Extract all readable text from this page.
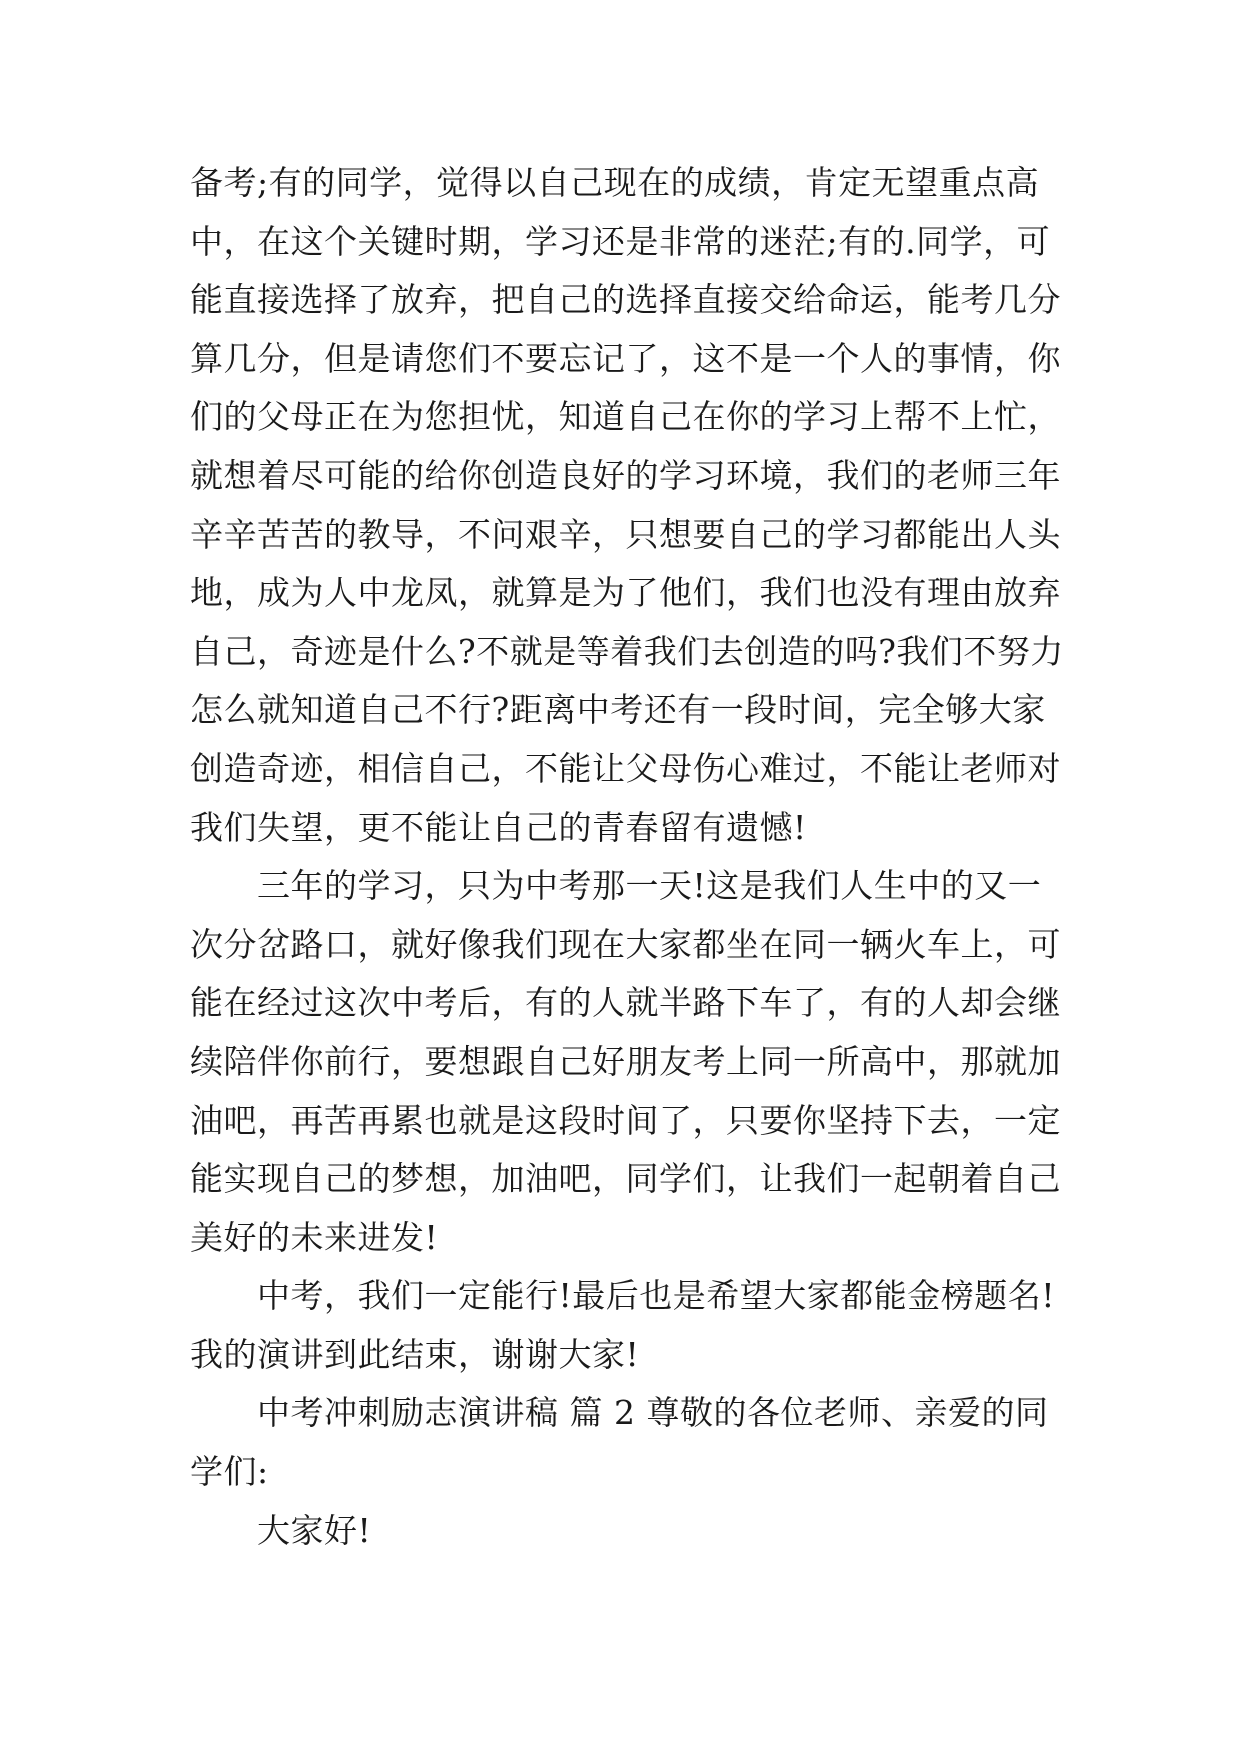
备考;有的同学，觉得以自己现在的成绩，肯定无望重点高
中，在这个关键时期，学习还是非常的迷茫;有的.同学，可
能直接选择了放弃，把自己的选择直接交给命运，能考几分
算几分，但是请您们不要忘记了，这不是一个人的事情，你
们的父母正在为您担忧，知道自己在你的学习上帮不上忙，
就想着尽可能的给你创造良好的学习环境，我们的老师三年
辛辛苦苦的教导，不问艰辛，只想要自己的学习都能出人头
地，成为人中龙凤，就算是为了他们，我们也没有理由放弃
自己，奇迹是什么?不就是等着我们去创造的吗?我们不努力
怎么就知道自己不行?距离中考还有一段时间，完全够大家
创造奇迹，相信自己，不能让父母伤心难过，不能让老师对
我们失望，更不能让自己的青春留有遗憾!
三年的学习，只为中考那一天!这是我们人生中的又一
次分岔路口，就好像我们现在大家都坐在同一辆火车上，可
能在经过这次中考后，有的人就半路下车了，有的人却会继
续陪伴你前行，要想跟自己好朋友考上同一所高中，那就加
油吧，再苦再累也就是这段时间了，只要你坚持下去，一定
能实现自己的梦想，加油吧，同学们，让我们一起朝着自己
美好的未来进发!
中考，我们一定能行!最后也是希望大家都能金榜题名!
我的演讲到此结束，谢谢大家!
中考冲刺励志演讲稿 篇 2 尊敬的各位老师、亲爱的同
学们:
大家好!
